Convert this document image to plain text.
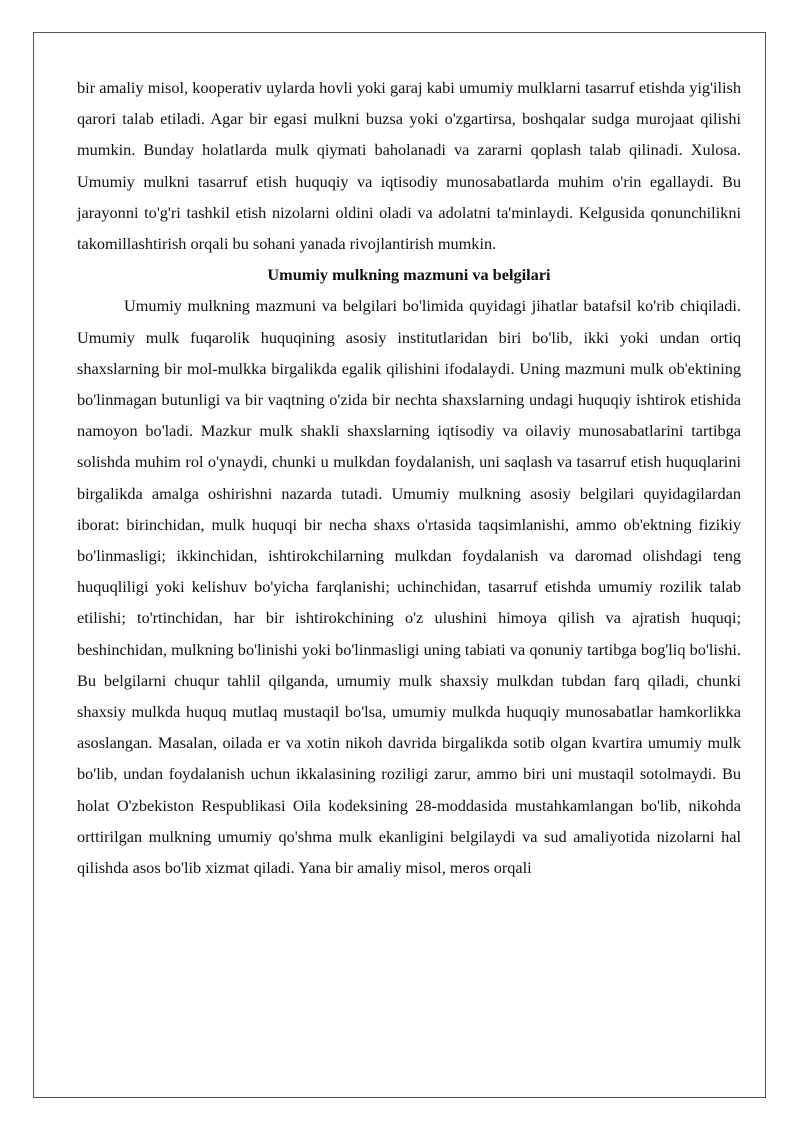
bir amaliy misol, kooperativ uylarda hovli yoki garaj kabi umumiy mulklarni tasarruf etishda yig'ilish qarori talab etiladi. Agar bir egasi mulkni buzsa yoki o'zgartirsa, boshqalar sudga murojaat qilishi mumkin. Bunday holatlarda mulk qiymati baholanadi va zararni qoplash talab qilinadi. Xulosa. Umumiy mulkni tasarruf etish huquqiy va iqtisodiy munosabatlarda muhim o'rin egallaydi. Bu jarayonni to'g'ri tashkil etish nizolarni oldini oladi va adolatni ta'minlaydi. Kelgusida qonunchilikni takomillashtirish orqali bu sohani yanada rivojlantirish mumkin.

Umumiy mulkning mazmuni va belgilari

Umumiy mulkning mazmuni va belgilari bo'limida quyidagi jihatlar batafsil ko'rib chiqiladi. Umumiy mulk fuqarolik huquqining asosiy institutlaridan biri bo'lib, ikki yoki undan ortiq shaxslarning bir mol-mulkka birgalikda egalik qilishini ifodalaydi. Uning mazmuni mulk ob'ektining bo'linmagan butunligi va bir vaqtning o'zida bir nechta shaxslarning undagi huquqiy ishtirok etishida namoyon bo'ladi. Mazkur mulk shakli shaxslarning iqtisodiy va oilaviy munosabatlarini tartibga solishda muhim rol o'ynaydi, chunki u mulkdan foydalanish, uni saqlash va tasarruf etish huquqlarini birgalikda amalga oshirishni nazarda tutadi. Umumiy mulkning asosiy belgilari quyidagilardan iborat: birinchidan, mulk huquqi bir necha shaxs o'rtasida taqsimlanishi, ammo ob'ektning fizikiy bo'linmasligi; ikkinchidan, ishtirokchilarning mulkdan foydalanish va daromad olishdagi teng huquqliligi yoki kelishuv bo'yicha farqlanishi; uchinchidan, tasarruf etishda umumiy rozilik talab etilishi; to'rtinchidan, har bir ishtirokchining o'z ulushini himoya qilish va ajratish huquqi; beshinchidan, mulkning bo'linishi yoki bo'linmasligi uning tabiati va qonuniy tartibga bog'liq bo'lishi. Bu belgilarni chuqur tahlil qilganda, umumiy mulk shaxsiy mulkdan tubdan farq qiladi, chunki shaxsiy mulkda huquq mutlaq mustaqil bo'lsa, umumiy mulkda huquqiy munosabatlar hamkorlikka asoslangan. Masalan, oilada er va xotin nikoh davrida birgalikda sotib olgan kvartira umumiy mulk bo'lib, undan foydalanish uchun ikkalasining roziligi zarur, ammo biri uni mustaqil sotolmaydi. Bu holat O'zbekiston Respublikasi Oila kodeksining 28-moddasida mustahkamlangan bo'lib, nikohda orttirilgan mulkning umumiy qo'shma mulk ekanligini belgilaydi va sud amaliyotida nizolarni hal qilishda asos bo'lib xizmat qiladi. Yana bir amaliy misol, meros orqali
